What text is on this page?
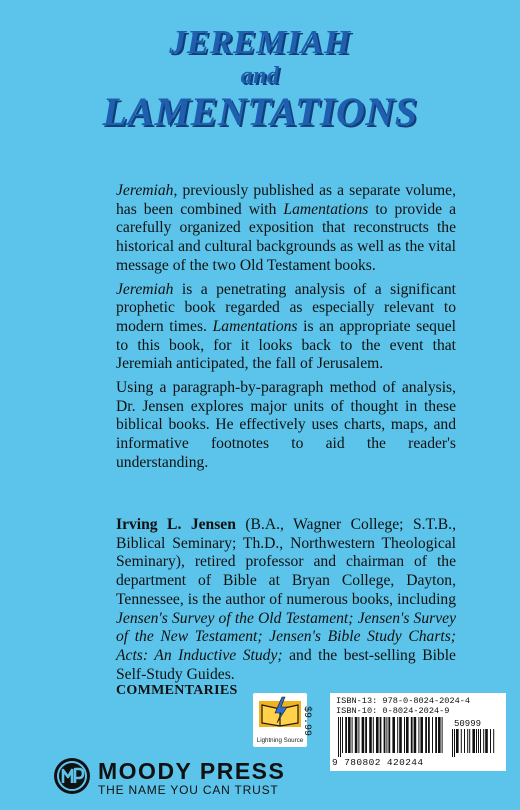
JEREMIAH
and
LAMENTATIONS

Jeremiah, previously published as a separate volume, has been combined with Lamentations to provide a carefully organized exposition that reconstructs the historical and cultural backgrounds as well as the vital message of the two Old Testament books.

Jeremiah is a penetrating analysis of a significant prophetic book regarded as especially relevant to modern times. Lamentations is an appropriate sequel to this book, for it looks back to the event that Jeremiah anticipated, the fall of Jerusalem.

Using a paragraph-by-paragraph method of analysis, Dr. Jensen explores major units of thought in these biblical books. He effectively uses charts, maps, and informative footnotes to aid the reader's understanding.

Irving L. Jensen (B.A., Wagner College; S.T.B., Biblical Seminary; Th.D., Northwestern Theological Seminary), retired professor and chairman of the department of Bible at Bryan College, Dayton, Tennessee, is the author of numerous books, including Jensen's Survey of the Old Testament; Jensen's Survey of the New Testament; Jensen's Bible Study Charts; Acts: An Inductive Study; and the best-selling Bible Self-Study Guides.
COMMENTARIES
Lightning Source
$9.99
ISBN-13: 978-0-8024-2024-4
ISBN-10: 0-8024-2024-9
50999
9 780802 420244
MOODY PRESS
THE NAME YOU CAN TRUST
